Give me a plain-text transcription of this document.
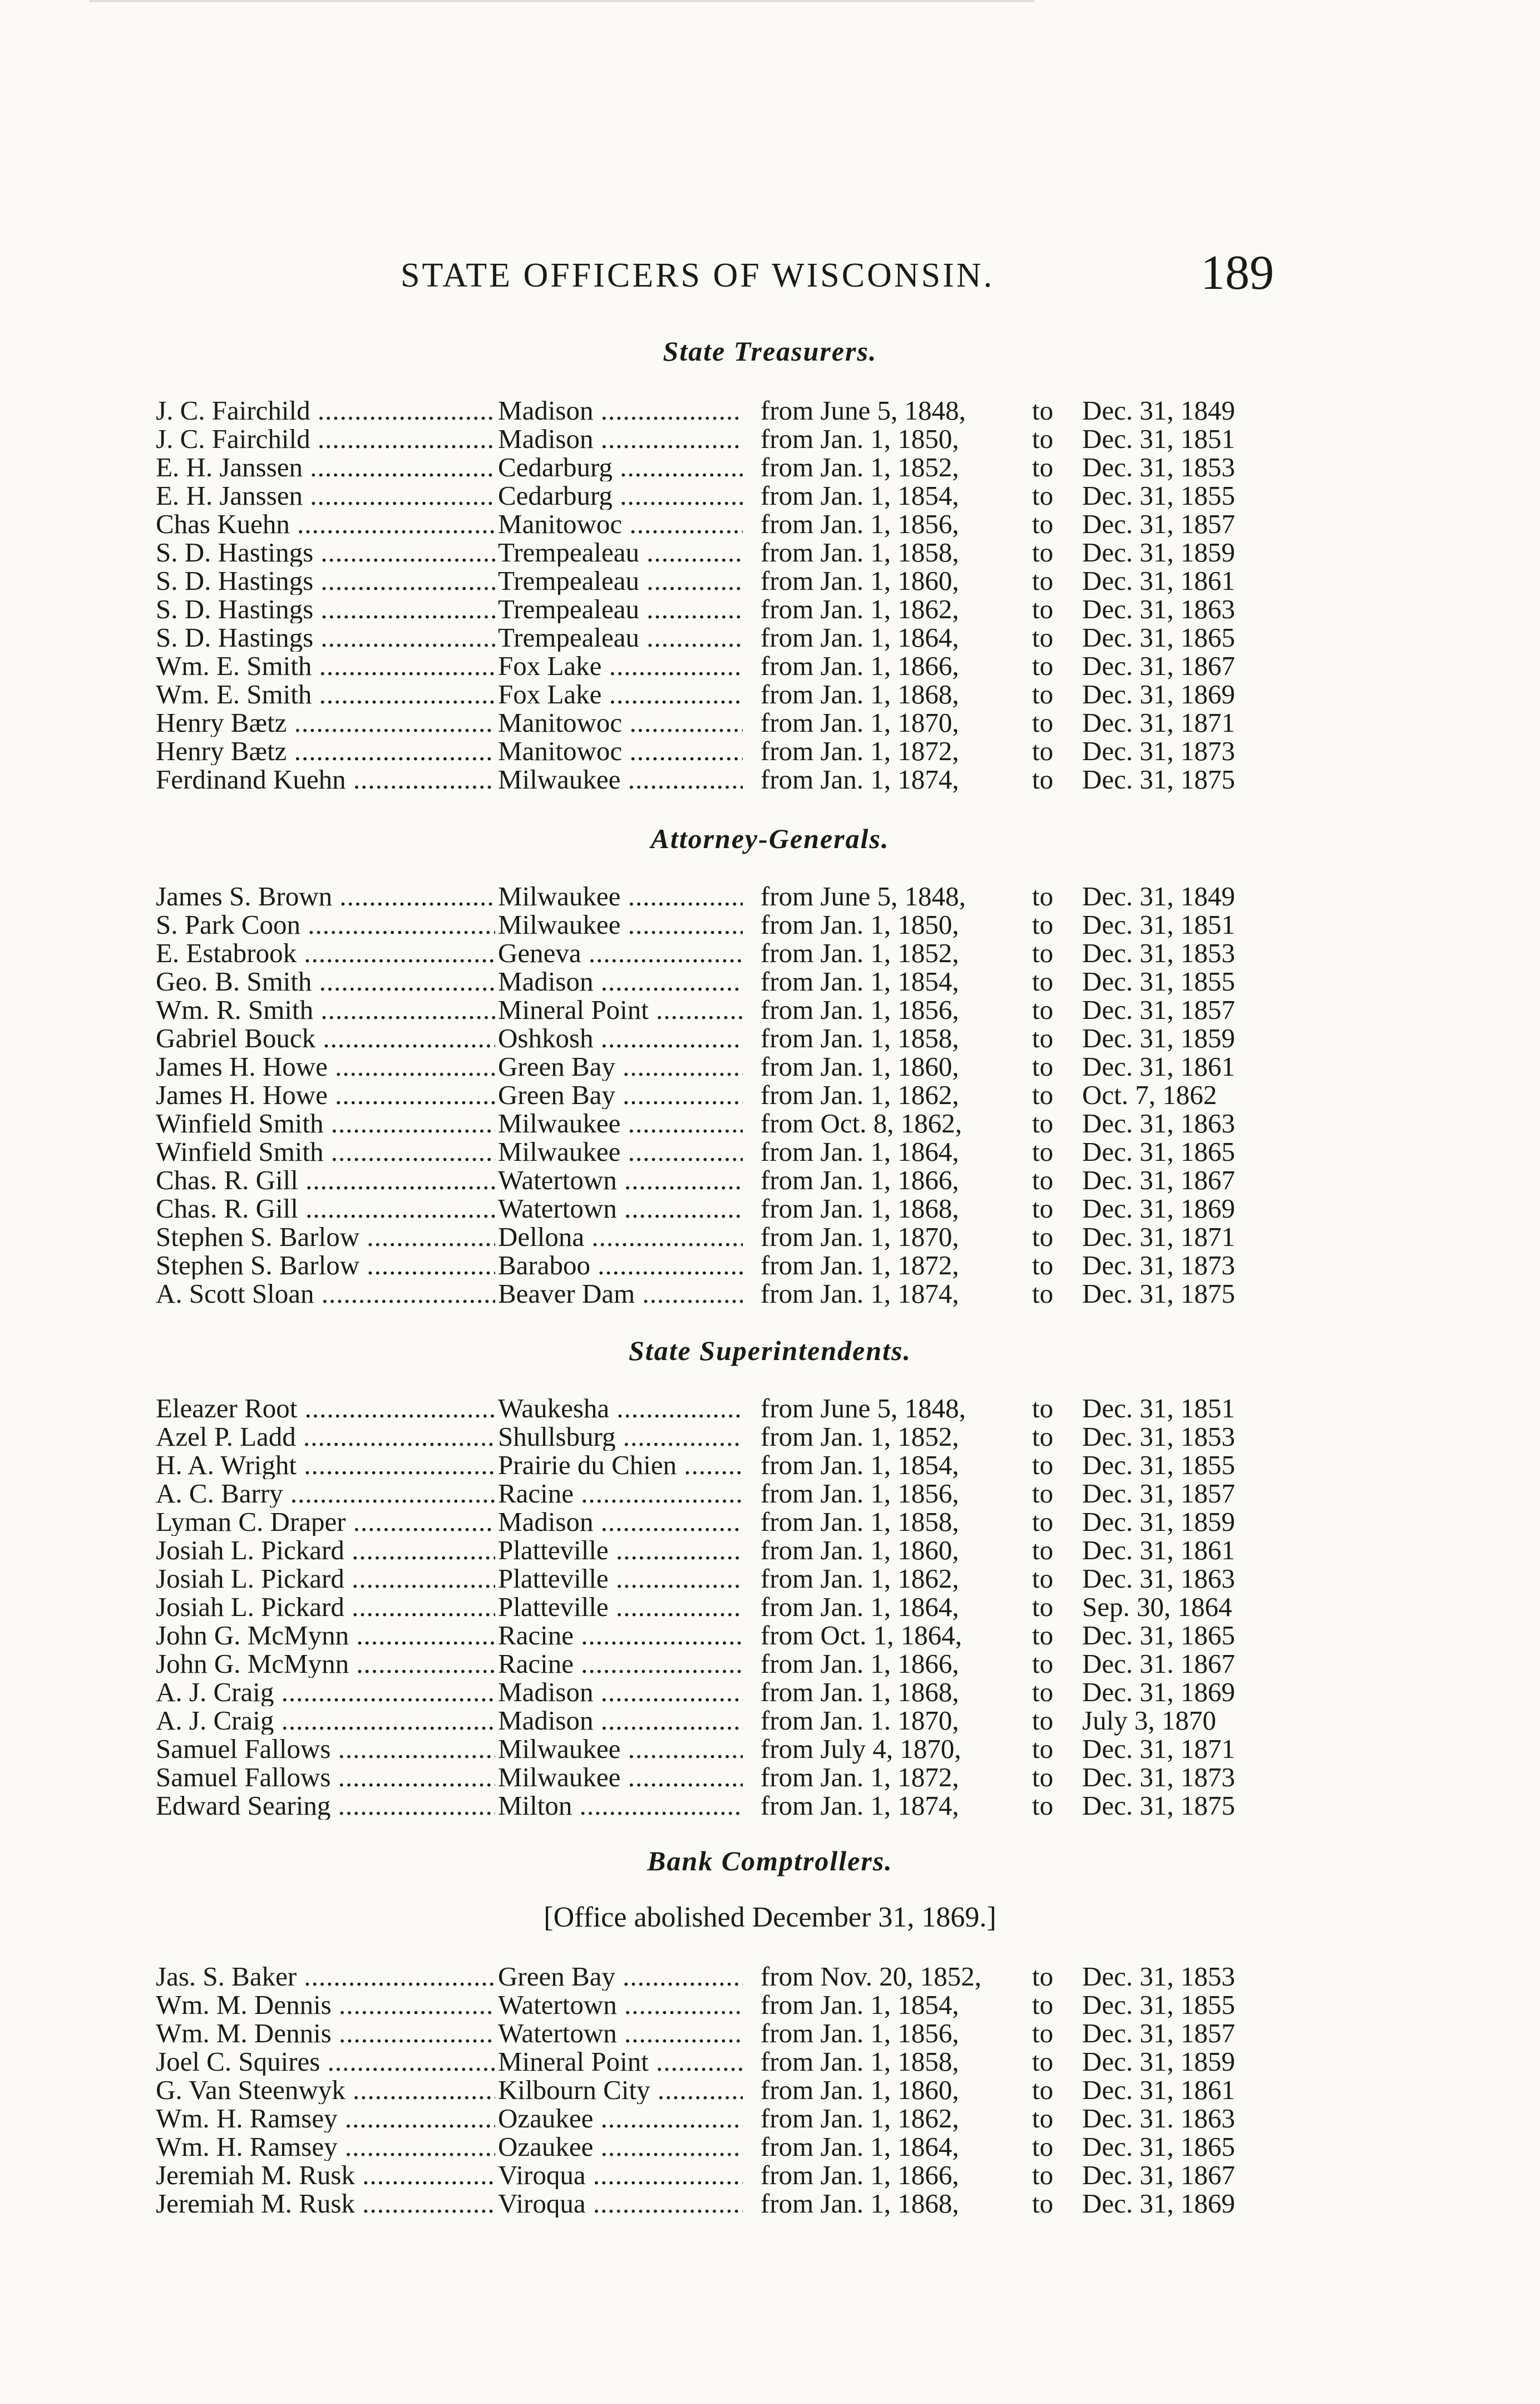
STATE OFFICERS OF WISCONSIN.	189
State Treasurers.
J. C. Fairchild .....	Madison .....	from June 5, 1848, to Dec. 31, 1849
J. C. Fairchild .....	Madison .....	from Jan. 1, 1850,	to Dec. 31, 1851
E. H. Janssen .....	Cedarburg .....	from Jan. 1, 1852,	to Dec. 31, 1853
E. H. Janssen .....	Cedarburg .....	from Jan. 1, 1854,	to Dec. 31, 1855
Chas Kuehn .....	Manitowoc .....	from Jan. 1, 1856,	to Dec. 31, 1857
S. D. Hastings .....	Trempealeau .....	from Jan. 1, 1858,	to Dec. 31, 1859
S. D. Hastings .....	Trempealeau .....	from Jan. 1, 1860,	to Dec. 31, 1861
S. D. Hastings .....	Trempealeau .....	from Jan. 1, 1862,	to Dec. 31, 1863
S. D. Hastings .....	Trempealeau .....	from Jan. 1, 1864,	to Dec. 31, 1865
Wm. E. Smith .....	Fox Lake .....	from Jan. 1, 1866,	to Dec. 31, 1867
Wm. E. Smith .....	Fox Lake .....	from Jan. 1, 1868,	to Dec. 31, 1869
Henry Bætz .....	Manitowoc .....	from Jan. 1, 1870,	to Dec. 31, 1871
Henry Bætz .....	Manitowoc .....	from Jan. 1, 1872,	to Dec. 31, 1873
Ferdinand Kuehn .....	Milwaukee .....	from Jan. 1, 1874,	to Dec. 31, 1875
Attorney-Generals.
James S. Brown .....	Milwaukee .....	from June 5, 1848, to Dec. 31, 1849
S. Park Coon .....	Milwaukee .....	from Jan. 1, 1850,	to Dec. 31, 1851
E. Estabrook .....	Geneva .....	from Jan. 1, 1852,	to Dec. 31, 1853
Geo. B. Smith .....	Madison .....	from Jan. 1, 1854,	to Dec. 31, 1855
Wm. R. Smith .....	Mineral Point .....	from Jan. 1, 1856,	to Dec. 31, 1857
Gabriel Bouck .....	Oshkosh .....	from Jan. 1, 1858,	to Dec. 31, 1859
James H. Howe .....	Green Bay .....	from Jan. 1, 1860,	to Dec. 31, 1861
James H. Howe .....	Green Bay .....	from Jan. 1, 1862,	to Oct. 7, 1862
Winfield Smith .....	Milwaukee .....	from Oct. 8, 1862,	to Dec. 31, 1863
Winfield Smith .....	Milwaukee .....	from Jan. 1, 1864,	to Dec. 31, 1865
Chas. R. Gill .....	Watertown .....	from Jan. 1, 1866,	to Dec. 31, 1867
Chas. R. Gill .....	Watertown .....	from Jan. 1, 1868,	to Dec. 31, 1869
Stephen S. Barlow .....	Dellona .....	from Jan. 1, 1870,	to Dec. 31, 1871
Stephen S. Barlow .....	Baraboo .....	from Jan. 1, 1872,	to Dec. 31, 1873
A. Scott Sloan .....	Beaver Dam .....	from Jan. 1, 1874,	to Dec. 31, 1875
State Superintendents.
Eleazer Root .....	Waukesha .....	from June 5, 1848, to Dec. 31, 1851
Azel P. Ladd .....	Shullsburg .....	from Jan. 1, 1852,	to Dec. 31, 1853
H. A. Wright .....	Prairie du Chien .....	from Jan. 1, 1854,	to Dec. 31, 1855
A. C. Barry .....	Racine .....	from Jan. 1, 1856,	to Dec. 31, 1857
Lyman C. Draper .....	Madison .....	from Jan. 1, 1858,	to Dec. 31, 1859
Josiah L. Pickard .....	Platteville .....	from Jan. 1, 1860,	to Dec. 31, 1861
Josiah L. Pickard .....	Platteville .....	from Jan. 1, 1862,	to Dec. 31, 1863
Josiah L. Pickard .....	Platteville .....	from Jan. 1, 1864,	to Sep. 30, 1864
John G. McMynn .....	Racine .....	from Oct. 1, 1864,	to Dec. 31, 1865
John G. McMynn .....	Racine .....	from Jan. 1, 1866,	to Dec. 31. 1867
A. J. Craig .....	Madison .....	from Jan. 1, 1868,	to Dec. 31, 1869
A. J. Craig .....	Madison .....	from Jan. 1. 1870,	to July 3, 1870
Samuel Fallows .....	Milwaukee .....	from July 4, 1870,	to Dec. 31, 1871
Samuel Fallows .....	Milwaukee .....	from Jan. 1, 1872,	to Dec. 31, 1873
Edward Searing .....	Milton .....	from Jan. 1, 1874,	to Dec. 31, 1875
Bank Comptrollers.
[Office abolished December 31, 1869.]
Jas. S. Baker .....	Green Bay .....	from Nov. 20, 1852, to Dec. 31, 1853
Wm. M. Dennis .....	Watertown .....	from Jan. 1, 1854,	to Dec. 31, 1855
Wm. M. Dennis .....	Watertown .....	from Jan. 1, 1856,	to Dec. 31, 1857
Joel C. Squires .....	Mineral Point .....	from Jan. 1, 1858,	to Dec. 31, 1859
G. Van Steenwyk .....	Kilbourn City .....	from Jan. 1, 1860,	to Dec. 31, 1861
Wm. H. Ramsey .....	Ozaukee .....	from Jan. 1, 1862,	to Dec. 31. 1863
Wm. H. Ramsey .....	Ozaukee .....	from Jan. 1, 1864,	to Dec. 31, 1865
Jeremiah M. Rusk .....	Viroqua .....	from Jan. 1, 1866,	to Dec. 31, 1867
Jeremiah M. Rusk .....	Viroqua .....	from Jan. 1, 1868,	to Dec. 31, 1869
